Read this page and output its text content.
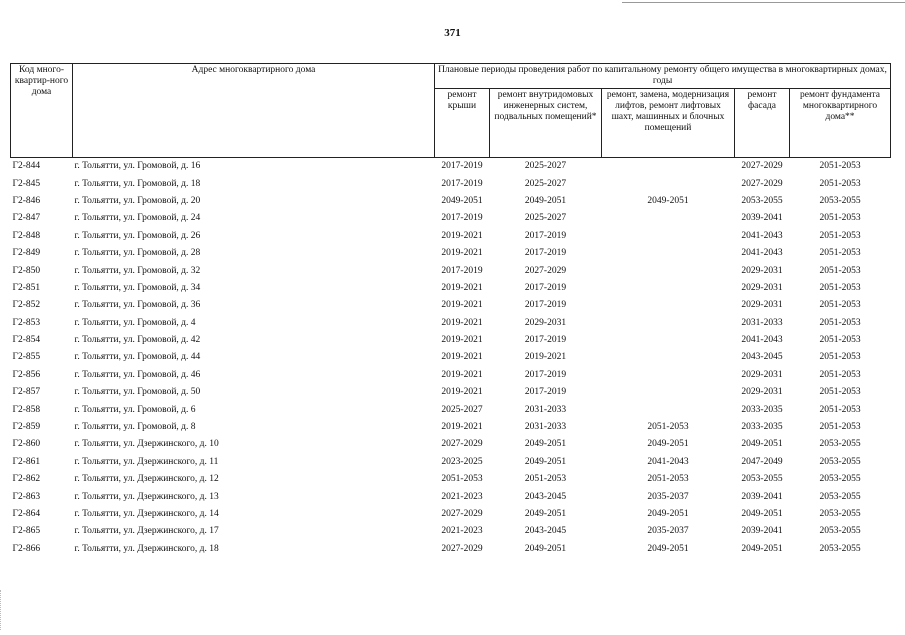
371
Код много-квартир-ного дома	Адрес многоквартирного дома	Плановые периоды проведения работ по капитальному ремонту общего имущества в многоквартирных домах, годы				
		ремонт крыши	ремонт внутридомовых инженерных систем, подвальных помещений*	ремонт, замена, модернизация лифтов, ремонт лифтовых шахт, машинных и блочных помещений	ремонт фасада	ремонт фундамента многоквартирного дома**
Г2-844	г. Тольятти, ул. Громовой, д. 16	2017-2019	2025-2027		2027-2029	2051-2053
Г2-845	г. Тольятти, ул. Громовой, д. 18	2017-2019	2025-2027		2027-2029	2051-2053
Г2-846	г. Тольятти, ул. Громовой, д. 20	2049-2051	2049-2051	2049-2051	2053-2055	2053-2055
Г2-847	г. Тольятти, ул. Громовой, д. 24	2017-2019	2025-2027		2039-2041	2051-2053
Г2-848	г. Тольятти, ул. Громовой, д. 26	2019-2021	2017-2019		2041-2043	2051-2053
Г2-849	г. Тольятти, ул. Громовой, д. 28	2019-2021	2017-2019		2041-2043	2051-2053
Г2-850	г. Тольятти, ул. Громовой, д. 32	2017-2019	2027-2029		2029-2031	2051-2053
Г2-851	г. Тольятти, ул. Громовой, д. 34	2019-2021	2017-2019		2029-2031	2051-2053
Г2-852	г. Тольятти, ул. Громовой, д. 36	2019-2021	2017-2019		2029-2031	2051-2053
Г2-853	г. Тольятти, ул. Громовой, д. 4	2019-2021	2029-2031		2031-2033	2051-2053
Г2-854	г. Тольятти, ул. Громовой, д. 42	2019-2021	2017-2019		2041-2043	2051-2053
Г2-855	г. Тольятти, ул. Громовой, д. 44	2019-2021	2019-2021		2043-2045	2051-2053
Г2-856	г. Тольятти, ул. Громовой, д. 46	2019-2021	2017-2019		2029-2031	2051-2053
Г2-857	г. Тольятти, ул. Громовой, д. 50	2019-2021	2017-2019		2029-2031	2051-2053
Г2-858	г. Тольятти, ул. Громовой, д. 6	2025-2027	2031-2033		2033-2035	2051-2053
Г2-859	г. Тольятти, ул. Громовой, д. 8	2019-2021	2031-2033	2051-2053	2033-2035	2051-2053
Г2-860	г. Тольятти, ул. Дзержинского, д. 10	2027-2029	2049-2051	2049-2051	2049-2051	2053-2055
Г2-861	г. Тольятти, ул. Дзержинского, д. 11	2023-2025	2049-2051	2041-2043	2047-2049	2053-2055
Г2-862	г. Тольятти, ул. Дзержинского, д. 12	2051-2053	2051-2053	2051-2053	2053-2055	2053-2055
Г2-863	г. Тольятти, ул. Дзержинского, д. 13	2021-2023	2043-2045	2035-2037	2039-2041	2053-2055
Г2-864	г. Тольятти, ул. Дзержинского, д. 14	2027-2029	2049-2051	2049-2051	2049-2051	2053-2055
Г2-865	г. Тольятти, ул. Дзержинского, д. 17	2021-2023	2043-2045	2035-2037	2039-2041	2053-2055
Г2-866	г. Тольятти, ул. Дзержинского, д. 18	2027-2029	2049-2051	2049-2051	2049-2051	2053-2055
